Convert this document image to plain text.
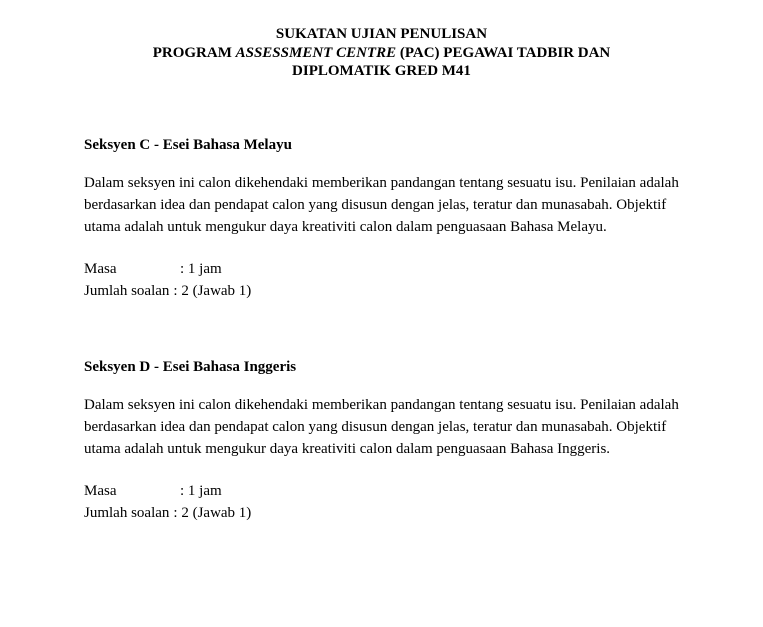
SUKATAN UJIAN PENULISAN
PROGRAM ASSESSMENT CENTRE (PAC) PEGAWAI TADBIR DAN
DIPLOMATIK GRED M41

Seksyen C - Esei Bahasa Melayu

Dalam seksyen ini calon dikehendaki memberikan pandangan tentang sesuatu isu. Penilaian adalah berdasarkan idea dan pendapat calon yang disusun dengan jelas, teratur dan munasabah. Objektif utama adalah untuk mengukur daya kreativiti calon dalam penguasaan Bahasa Melayu.

Masa	: 1 jam
Jumlah soalan : 2 (Jawab 1)

Seksyen D - Esei Bahasa Inggeris

Dalam seksyen ini calon dikehendaki memberikan pandangan tentang sesuatu isu. Penilaian adalah berdasarkan idea dan pendapat calon yang disusun dengan jelas, teratur dan munasabah. Objektif utama adalah untuk mengukur daya kreativiti calon dalam penguasaan Bahasa Inggeris.

Masa	: 1 jam
Jumlah soalan : 2 (Jawab 1)
